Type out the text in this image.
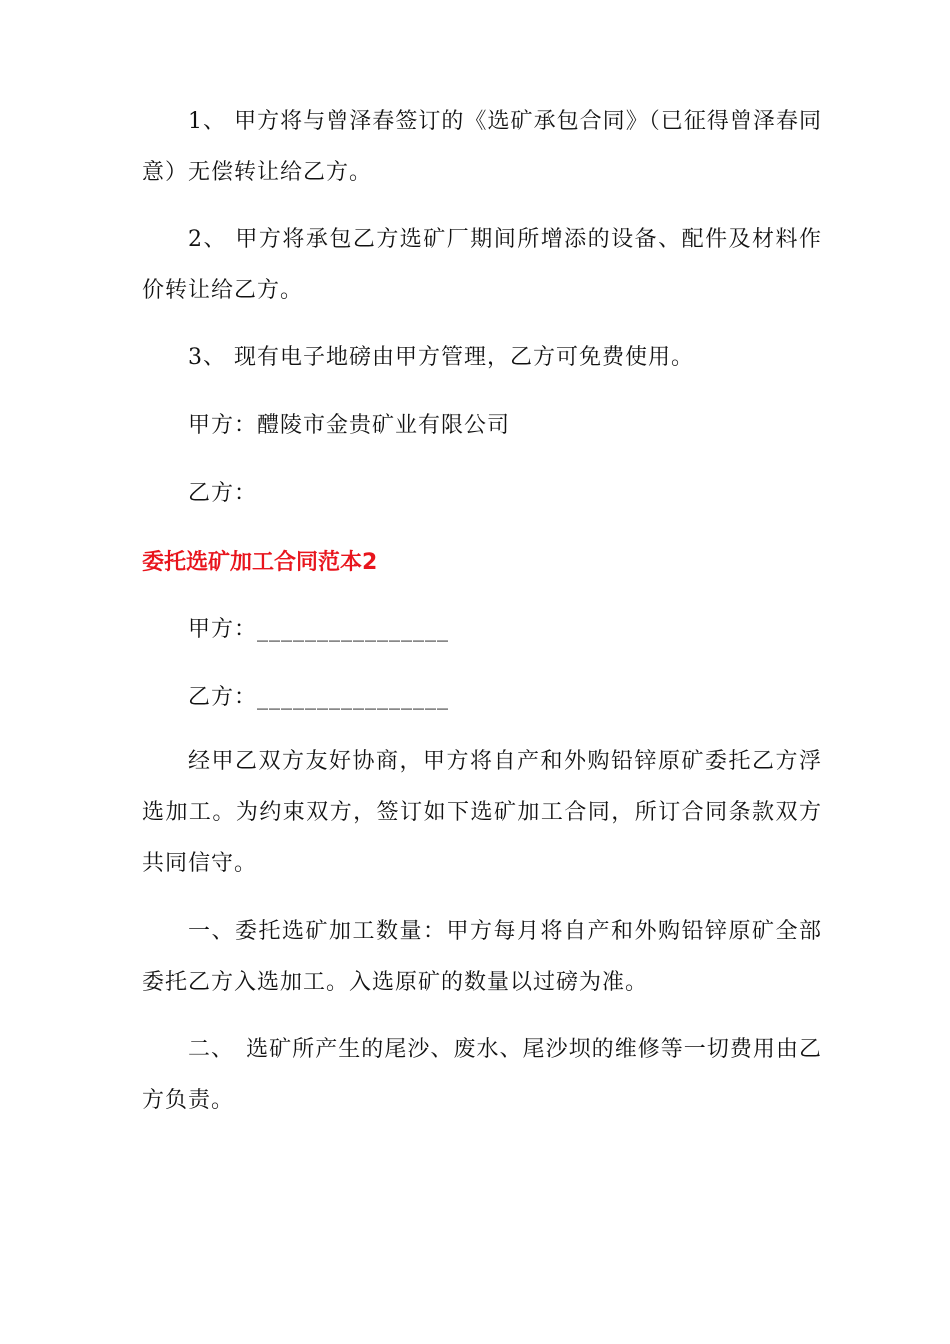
1、 甲方将与曾泽春签订的《选矿承包合同》（已征得曾泽春同意）无偿转让给乙方。

2、 甲方将承包乙方选矿厂期间所增添的设备、配件及材料作价转让给乙方。

3、 现有电子地磅由甲方管理，乙方可免费使用。

甲方：醴陵市金贵矿业有限公司

乙方：

委托选矿加工合同范本2

甲方：________________

乙方：________________

经甲乙双方友好协商，甲方将自产和外购铅锌原矿委托乙方浮选加工。为约束双方，签订如下选矿加工合同，所订合同条款双方共同信守。

一、委托选矿加工数量：甲方每月将自产和外购铅锌原矿全部委托乙方入选加工。入选原矿的数量以过磅为准。

二、　选矿所产生的尾沙、废水、尾沙坝的维修等一切费用由乙方负责。
